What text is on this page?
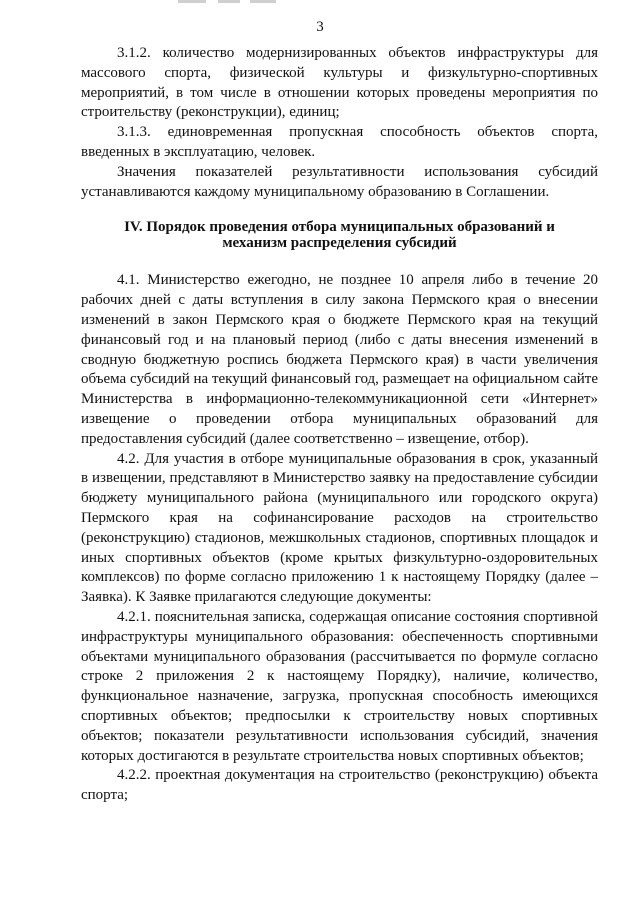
3

3.1.2. количество модернизированных объектов инфраструктуры для массового спорта, физической культуры и физкультурно-спортивных мероприятий, в том числе в отношении которых проведены мероприятия по строительству (реконструкции), единиц;

3.1.3. единовременная пропускная способность объектов спорта, введенных в эксплуатацию, человек.

Значения показателей результативности использования субсидий устанавливаются каждому муниципальному образованию в Соглашении.

IV. Порядок проведения отбора муниципальных образований и механизм распределения субсидий

4.1. Министерство ежегодно, не позднее 10 апреля либо в течение 20 рабочих дней с даты вступления в силу закона Пермского края о внесении изменений в закон Пермского края о бюджете Пермского края на текущий финансовый год и на плановый период (либо с даты внесения изменений в сводную бюджетную роспись бюджета Пермского края) в части увеличения объема субсидий на текущий финансовый год, размещает на официальном сайте Министерства в информационно-телекоммуникационной сети «Интернет» извещение о проведении отбора муниципальных образований для предоставления субсидий (далее соответственно – извещение, отбор).

4.2. Для участия в отборе муниципальные образования в срок, указанный в извещении, представляют в Министерство заявку на предоставление субсидии бюджету муниципального района (муниципального или городского округа) Пермского края на софинансирование расходов на строительство (реконструкцию) стадионов, межшкольных стадионов, спортивных площадок и иных спортивных объектов (кроме крытых физкультурно-оздоровительных комплексов) по форме согласно приложению 1 к настоящему Порядку (далее – Заявка). К Заявке прилагаются следующие документы:

4.2.1. пояснительная записка, содержащая описание состояния спортивной инфраструктуры муниципального образования: обеспеченность спортивными объектами муниципального образования (рассчитывается по формуле согласно строке 2 приложения 2 к настоящему Порядку), наличие, количество, функциональное назначение, загрузка, пропускная способность имеющихся спортивных объектов; предпосылки к строительству новых спортивных объектов; показатели результативности использования субсидий, значения которых достигаются в результате строительства новых спортивных объектов;

4.2.2. проектная документация на строительство (реконструкцию) объекта спорта;
